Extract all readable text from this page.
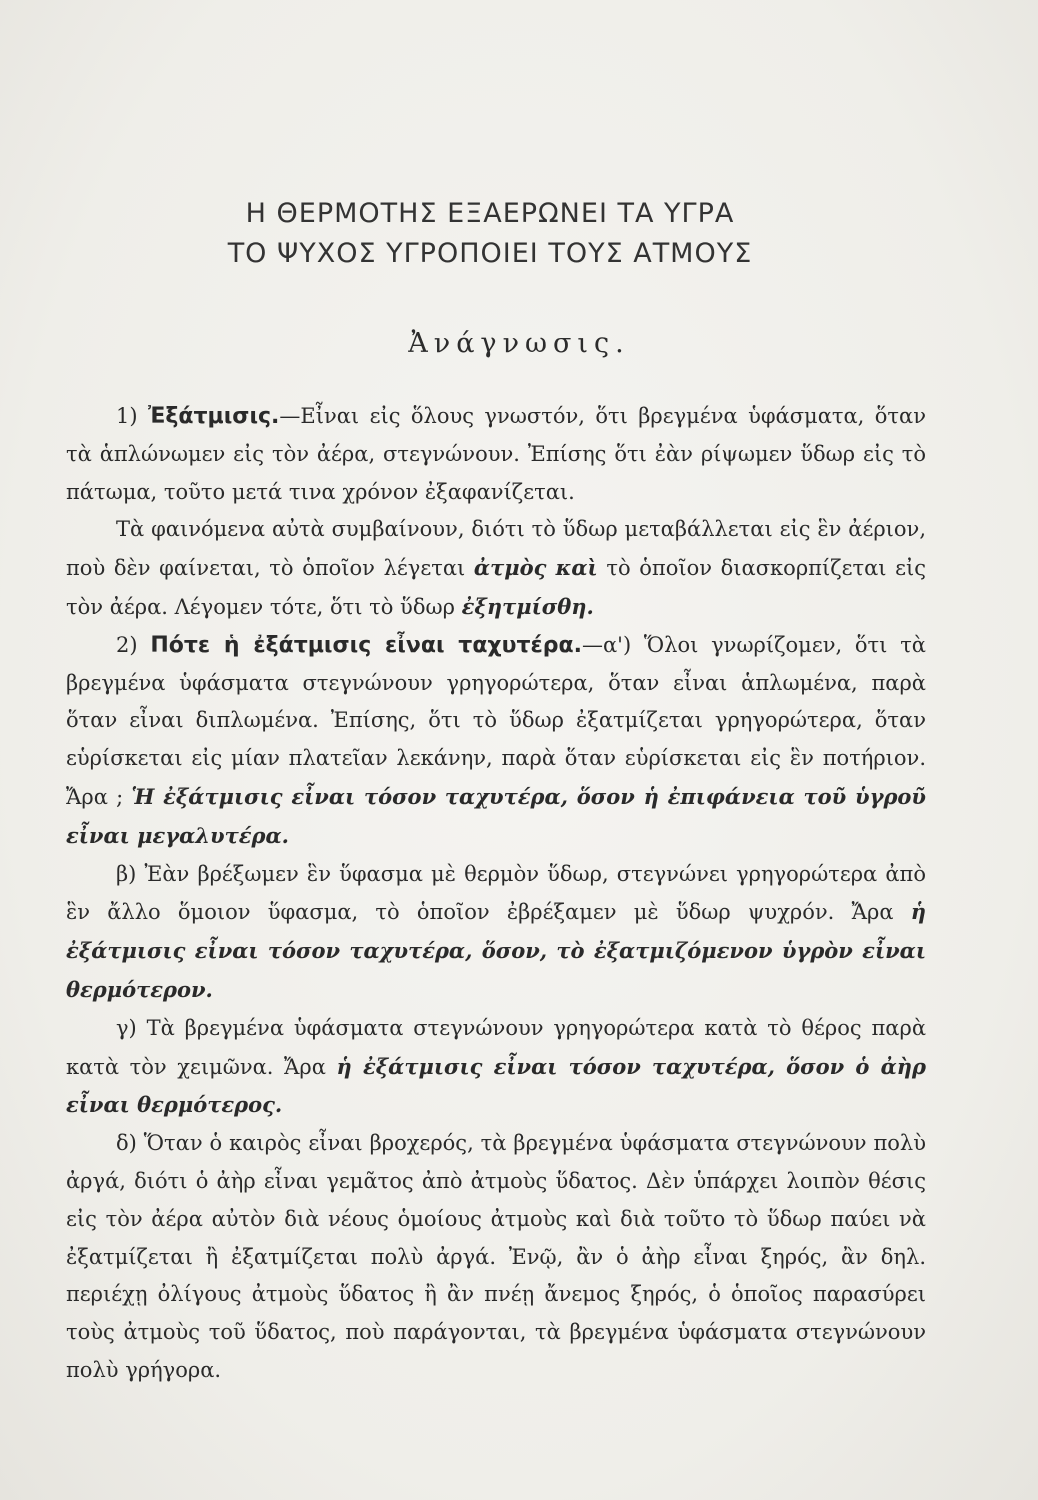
Η ΘΕΡΜΟΤΗΣ ΕΞΑΕΡΩΝΕΙ ΤΑ ΥΓΡΑ
ΤΟ ΨΥΧΟΣ ΥΓΡΟΠΟΙΕΙ ΤΟΥΣ ΑΤΜΟΥΣ
Ἀνάγνωσις.

1) Ἐξάτμισις.—Εἶναι εἰς ὅλους γνωστόν, ὅτι βρεγμένα ὑφάσματα, ὅταν τὰ ἁπλώνωμεν εἰς τὸν ἀέρα, στεγνώνουν. Ἐπίσης ὅτι ἐὰν ρίψωμεν ὕδωρ εἰς τὸ πάτωμα, τοῦτο μετά τινα χρόνον ἐξαφανίζεται.

Τὰ φαινόμενα αὐτὰ συμβαίνουν, διότι τὸ ὕδωρ μεταβάλλεται εἰς ἓν ἀέριον, ποὺ δὲν φαίνεται, τὸ ὁποῖον λέγεται ἀτμὸς καὶ τὸ ὁποῖον διασκορπίζεται εἰς τὸν ἀέρα. Λέγομεν τότε, ὅτι τὸ ὕδωρ ἐξητμίσθη.

2) Πότε ἡ ἐξάτμισις εἶναι ταχυτέρα.—α') Ὅλοι γνωρίζομεν, ὅτι τὰ βρεγμένα ὑφάσματα στεγνώνουν γρηγορώτερα, ὅταν εἶναι ἁπλωμένα, παρὰ ὅταν εἶναι διπλωμένα. Ἐπίσης, ὅτι τὸ ὕδωρ ἐξατμίζεται γρηγορώτερα, ὅταν εὑρίσκεται εἰς μίαν πλατεῖαν λεκάνην, παρὰ ὅταν εὑρίσκεται εἰς ἓν ποτήριον. Ἄρα ; Ἡ ἐξάτμισις εἶναι τόσον ταχυτέρα, ὅσον ἡ ἐπιφάνεια τοῦ ὑγροῦ εἶναι μεγαλυτέρα.

β) Ἐὰν βρέξωμεν ἓν ὕφασμα μὲ θερμὸν ὕδωρ, στεγνώνει γρηγορώτερα ἀπὸ ἓν ἄλλο ὅμοιον ὕφασμα, τὸ ὁποῖον ἐβρέξαμεν μὲ ὕδωρ ψυχρόν. Ἄρα ἡ ἐξάτμισις εἶναι τόσον ταχυτέρα, ὅσον, τὸ ἐξατμιζόμενον ὑγρὸν εἶναι θερμότερον.

γ) Τὰ βρεγμένα ὑφάσματα στεγνώνουν γρηγορώτερα κατὰ τὸ θέρος παρὰ κατὰ τὸν χειμῶνα. Ἄρα ἡ ἐξάτμισις εἶναι τόσον ταχυτέρα, ὅσον ὁ ἀὴρ εἶναι θερμότερος.

δ) Ὅταν ὁ καιρὸς εἶναι βροχερός, τὰ βρεγμένα ὑφάσματα στεγνώνουν πολὺ ἀργά, διότι ὁ ἀὴρ εἶναι γεμᾶτος ἀπὸ ἀτμοὺς ὕδατος. Δὲν ὑπάρχει λοιπὸν θέσις εἰς τὸν ἀέρα αὐτὸν διὰ νέους ὁμοίους ἀτμοὺς καὶ διὰ τοῦτο τὸ ὕδωρ παύει νὰ ἐξατμίζεται ἢ ἐξατμίζεται πολὺ ἀργά. Ἐνῷ, ἂν ὁ ἀὴρ εἶναι ξηρός, ἂν δηλ. περιέχῃ ὀλίγους ἀτμοὺς ὕδατος ἢ ἂν πνέῃ ἄνεμος ξηρός, ὁ ὁποῖος παρασύρει τοὺς ἀτμοὺς τοῦ ὕδατος, ποὺ παράγονται, τὰ βρεγμένα ὑφάσματα στεγνώνουν πολὺ γρήγορα.
